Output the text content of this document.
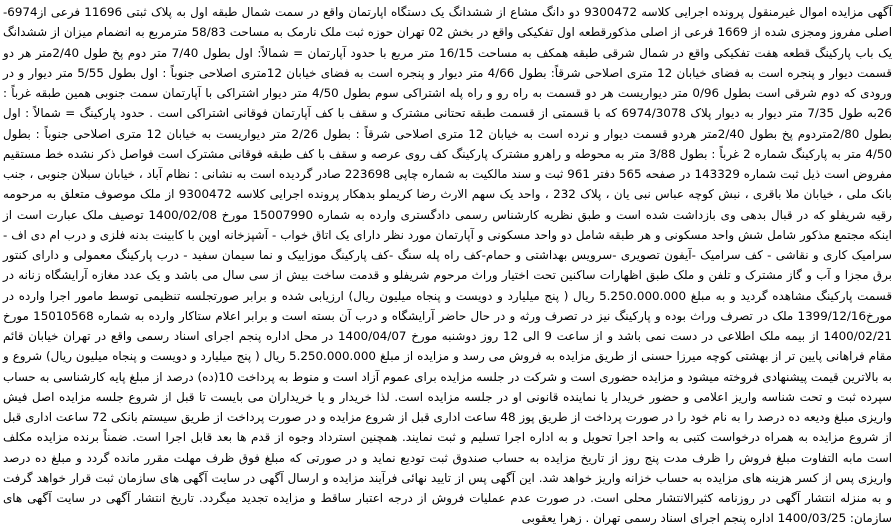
آگهی مزایده اموال غیرمنقول پرونده اجرایی کلاسه 9300472 دو دانگ مشاع از ششدانگ یک دستگاه اپارتمان واقع در سمت شمال طبقه اول به پلاک ثبتی 11696 فرعی از6974- اصلی مفروز ومجزی شده از 1669 فرعی از اصلی مذکورقطعه اول تفکیکی واقع در بخش 02 تهران حوزه ثبت ملک نارمک به مساحت 58/83 مترمربع به انضمام میزان از ششدانگ یک باب پارکینگ قطعه هفت تفکیکی واقع در شمال شرقی طبقه همکف به مساحت 16/15 متر مربع با حدود آپارتمان = شمالاً: اول بطول 7/40 متر دوم پخ طول 2/40متر هر دو قسمت دیوار و پنجره است به فضای خیابان 12 متری اصلاحی شرقاً: بطول 4/66 متر دیوار و پنجره است به فضای خیابان 12متری اصلاحی جنوباً : اول بطول 5/55 متر دیوار و در ورودی که دوم شرقی است بطول 0/96 متر دیواریست هر دو قسمت به راه رو و راه پله اشتراکی سوم بطول 4/50 متر دیوار اشتراکی با آپارتمان سمت جنوبی همین طبقه غرباً : 26به طول 7/35 متر دیوار به دیوار پلاک 6974/3078 که با قسمتی از قسمت طبقه تحتانی مشترک و سقف با کف آپارتمان فوقانی اشتراکی است . حدود پارکینگ = شمالاً : اول بطول 2/80متردوم پخ بطول 2/40متر هردو قسمت دیوار و نرده است به خیابان 12 متری اصلاحی شرقاً : بطول 2/26 متر دیواریست به خیابان 12 متری اصلاحی جنوباً : بطول 4/50 متر به پارکینگ شماره 2 غرباً : بطول 3/88 متر به محوطه و راهرو مشترک پارکینگ کف روی عرصه و سقف با کف طبقه فوقانی مشترک است فواصل ذکر نشده خط مستقیم مفروض است ذیل ثبت شماره 143329 در صفحه 565 دفتر 961 ثبت و سند مالکیت به شماره چاپی 223698 صادر گردیده است به نشانی : نظام آباد ، خیابان سبلان جنوبی ، جنب بانک ملی ، خیابان ملا باقری ، نبش کوچه عباس نبی یان ، پلاک 232 ، واحد یک سهم الارث رضا کریملو بدهکار پرونده اجرایی کلاسه 9300472 از ملک موصوف متعلق به مرحومه رقیه شریفلو که در قبال بدهی وی بازداشت شده است و طبق نظریه کارشناس رسمی دادگستری وارده به شماره 15007990 مورخ 1400/02/08 توصیف ملک عبارت است از اینکه مجتمع مذکور شامل شش واحد مسکونی و هر طبقه شامل دو واحد مسکونی و آپارتمان مورد نظر دارای یک اتاق خواب - آشپزخانه اوپن با کابینت بدنه فلزی و درب ام دی اف - سرامیک کاری و نقاشی - کف سرامیک -آیفون تصویری -سرویس بهداشتی و حمام-کف راه پله سنگ -کف پارکینگ موزاییک و نما سیمان سفید - درب پارکینگ معمولی و دارای کنتور برق مجزا و آب و گاز مشترک و تلفن و ملک طبق اظهارات ساکنین تحت اختیار وراث مرحوم شریفلو و قدمت ساخت بیش از سی سال می باشد و یک عدد مغازه آرایشگاه زنانه در قسمت پارکینگ مشاهده گردید و به مبلغ 5.250.000.000 ریال ( پنج میلیارد و دویست و پنجاه میلیون ریال) ارزیابی شده و برابر صورتجلسه تنظیمی توسط مامور اجرا وارده در مورخ1399/12/16 ملک در تصرف وراث بوده و پارکینگ نیز در تصرف ورثه و در حال حاضر آرایشگاه و درب آن بسته است و برابر اعلام ستاکار وارده به شماره 15010568 مورخ 1400/02/21 از بیمه ملک اطلاعی در دست نمی باشد و از ساعت 9 الی 12 روز دوشنبه مورخ 1400/04/07 در محل اداره پنجم اجرای اسناد رسمی واقع در تهران خیابان قائم مقام فراهانی پایین تر از بهشتی کوچه میرزا حسنی از طریق مزایده به فروش می رسد و مزایده از مبلغ 5.250.000.000 ریال ( پنج میلیارد و دویست و پنجاه میلیون ریال) شروع و به بالاترین قیمت پیشنهادی فروخته میشود و مزایده حضوری است و شرکت در جلسه مزایده برای عموم آزاد است و منوط به پرداخت 10(ده) درصد از مبلغ پایه کارشناسی به حساب سپرده ثبت و تحت شناسه واریز اعلامی و حضور خریدار یا نماینده قانونی او در جلسه مزایده است. لذا خریدار و یا خریداران می بایست تا قبل از شروع جلسه مزایده اصل فیش واریزی مبلغ ودیعه ده درصد را به نام خود را در صورت پرداخت از طریق پوز 48 ساعت اداری قبل از شروع مزایده و در صورت پرداخت از طریق سیستم بانکی 72 ساعت اداری قبل از شروع مزایده به همراه درخواست کتبی به واحد اجرا تحویل و به اداره اجرا تسلیم و ثبت نمایند. همچنین استرداد وجوه از قدم ها بعد قابل اجرا است. ضمناً برنده مزایده مکلف است مابه التفاوت مبلغ فروش را ظرف مدت پنج روز از تاریخ مزایده به حساب صندوق ثبت تودیع نماید و در صورتی که مبلغ فوق ظرف مهلت مقرر مانده گردد و مبلغ ده درصد واریزی پس از کسر هزینه های مزایده به حساب خزانه واریز خواهد شد. این آگهی پس از تایید نهائی فرآیند مزایده و ارسال آگهی در سایت آگهی های سازمان ثبت قرار خواهد گرفت و به منزله انتشار آگهی در روزنامه کثیرالانتشار محلی است. در صورت عدم عملیات فروش از درجه اعتبار ساقط و مزایده تجدید میگردد. تاریخ انتشار آگهی در سایت آگهی های سازمان: 1400/03/25 اداره پنجم اجرای اسناد رسمی تهران . زهرا یعقوبی
